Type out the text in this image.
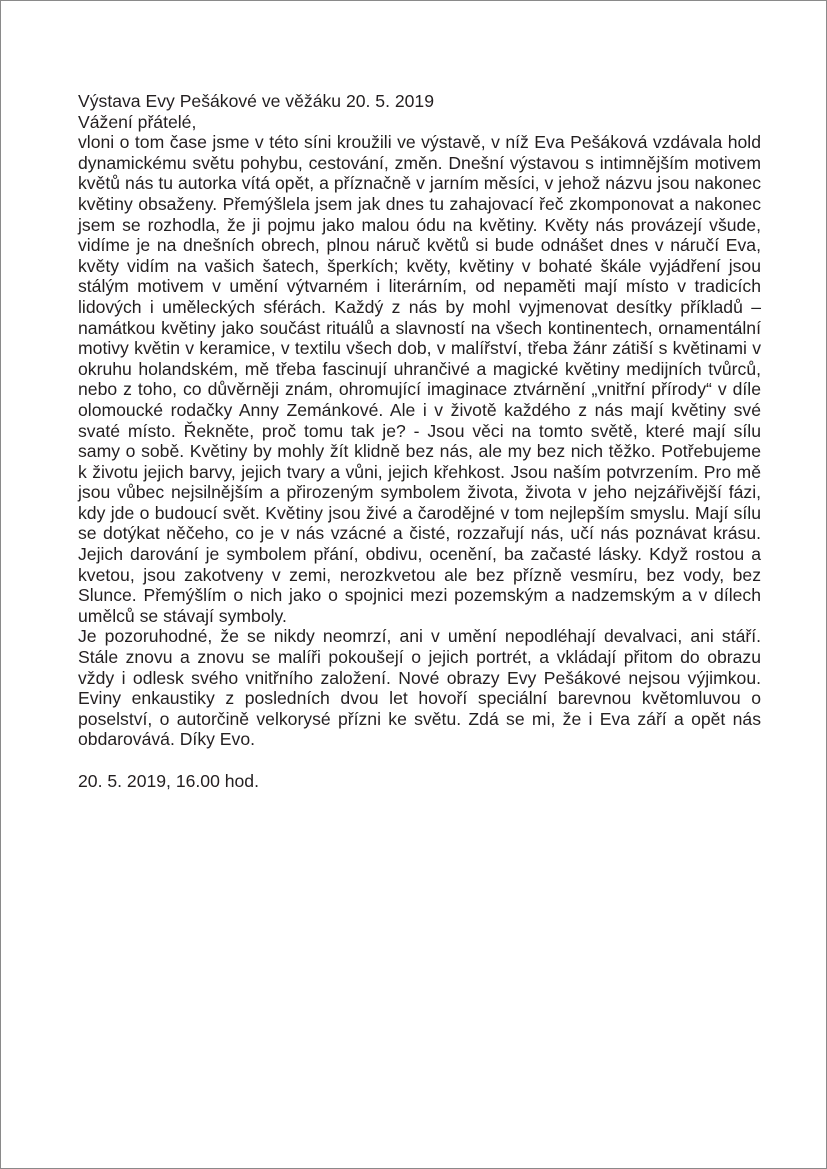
Výstava Evy Pešákové ve věžáku 20. 5. 2019
Vážení přátelé,
vloni o tom čase jsme v této síni kroužili ve výstavě, v níž Eva Pešáková vzdávala hold dynamickému světu pohybu, cestování, změn. Dnešní výstavou s intimnějším motivem květů nás tu autorka vítá opět, a příznačně v jarním měsíci, v jehož názvu jsou nakonec květiny obsaženy. Přemýšlela jsem jak dnes tu zahajovací řeč zkomponovat a nakonec jsem se rozhodla, že ji pojmu jako malou ódu na květiny. Květy nás provázejí všude, vidíme je na dnešních obrech, plnou náruč květů si bude odnášet dnes v náručí Eva, květy vidím na vašich šatech, šperkích; květy, květiny v bohaté škále vyjádření jsou stálým motivem v umění výtvarném i literárním, od nepaměti mají místo v tradicích lidových i uměleckých sférách. Každý z nás by mohl vyjmenovat desítky příkladů – namátkou květiny jako součást rituálů a slavností na všech kontinentech, ornamentální motivy květin v keramice, v textilu všech dob, v malířství, třeba žánr zátiší s květinami v okruhu holandském, mě třeba fascinují uhrančivé a magické květiny medijních tvůrců, nebo z toho, co důvěrněji znám, ohromující imaginace ztvárnění „vnitřní přírody“ v díle olomoucké rodačky Anny Zemánkové. Ale i v životě každého z nás mají květiny své svaté místo. Řekněte, proč tomu tak je? - Jsou věci na tomto světě, které mají sílu samy o sobě. Květiny by mohly žít klidně bez nás, ale my bez nich těžko. Potřebujeme k životu jejich barvy, jejich tvary a vůni, jejich křehkost. Jsou naším potvrzením. Pro mě jsou vůbec nejsilnějším a přirozeným symbolem života, života v jeho nejzářivější fázi, kdy jde o budoucí svět. Květiny jsou živé a čarodějné v tom nejlepším smyslu. Mají sílu se dotýkat něčeho, co je v nás vzácné a čisté, rozzařují nás, učí nás poznávat krásu. Jejich darování je symbolem přání, obdivu, ocenění, ba začasté lásky. Když rostou a kvetou, jsou zakotveny v zemi, nerozkvetou ale bez přízně vesmíru, bez vody, bez Slunce. Přemýšlím o nich jako o spojnici mezi pozemským a nadzemským a v dílech umělců se stávají symboly.
Je pozoruhodné, že se nikdy neomrzí, ani v umění nepodléhají devalvaci, ani stáří. Stále znovu a znovu se malíři pokoušejí o jejich portrét, a vkládají přitom do obrazu vždy i odlesk svého vnitřního založení. Nové obrazy Evy Pešákové nejsou výjimkou. Eviny enkaustiky z posledních dvou let hovoří speciální barevnou květomluvou o poselství, o autorčině velkorysé přízni ke světu. Zdá se mi, že i Eva září a opět nás obdarovává. Díky Evo.
20. 5. 2019, 16.00 hod.
